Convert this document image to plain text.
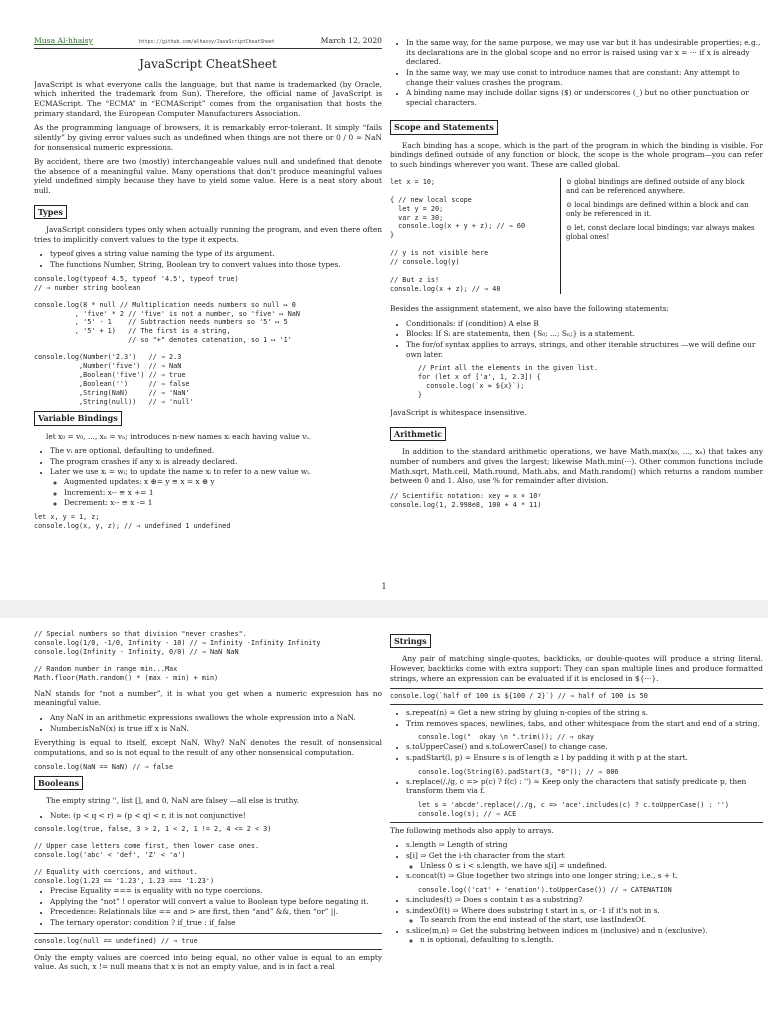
Musa Al-hhaisy	https://github.com/alhassy/JavaScriptCheatSheet	March 12, 2020
JavaScript CheatSheet

JavaScript is what everyone calls the language, but that name is trademarked (by Oracle, which inherited the trademark from Sun). Therefore, the official name of JavaScript is ECMAScript. The “ECMA” in “ECMAScript” comes from the organisation that hosts the primary standard, the European Computer Manufacturers Association.

As the programming language of browsers, it is remarkably error-tolerant. It simply “fails silently” by giving error values such as undefined when things are not there or 0 / 0 ≈ NaN for nonsensical numeric expressions.

By accident, there are two (mostly) interchangeable values null and undefined that denote the absence of a meaningful value. Many operations that don't produce meaningful values yield undefined simply because they have to yield some value. Here is a neat story about null.

Types

JavaScript considers types only when actually running the program, and even there often tries to implicitly convert values to the type it expects.

• typeof gives a string value naming the type of its argument.
• The functions Number, String, Boolean try to convert values into those types.
console.log(typeof 4.5, typeof '4.5', typeof true)
// ⇒ number string boolean
console.log(8 * null // Multiplication needs numbers so null ↦ 0
, 'five' * 2 // 'five' is not a number, so 'five' ↦ NaN
, '5' - 1    // Subtraction needs numbers so '5' ↦ 5
, '5' + 1)   // The first is a string,
// so "+" denotes catenation, so 1 ↦ '1'
console.log(Number('2.3')   // ⇒ 2.3
,Number('five')  // ⇒ NaN
,Boolean('five') // ⇒ true
,Boolean('')     // ⇒ false
,String(NaN)     // ⇒ 'NaN'
,String(null))   // ⇒ 'null'
Variable Bindings

let x₀ = v₀, ..., xₙ = vₙ; introduces n-new names xᵢ each having value vᵢ.

• The vᵢ are optional, defaulting to undefined.
• The program crashes if any xᵢ is already declared.
• Later we use xᵢ = wᵢ; to update the name xᵢ to refer to a new value wᵢ.
◦ Augmented updates: x ⊕= y ≡ x = x ⊕ y
◦ Increment: x-- ≡ x += 1
◦ Decrement: x-- ≡ x -= 1
let x, y = 1, z;
console.log(x, y, z); // ⇒ undefined 1 undefined
• In the same way, for the same purpose, we may use var but it has undesirable properties; e.g., its declarations are in the global scope and no error is raised using var x = ··· if x is already declared.
• In the same way, we may use const to introduce names that are constant: Any attempt to change their values crashes the program.
• A binding name may include dollar signs ($) or underscores (_) but no other punctuation or special characters.
Scope and Statements

Each binding has a scope, which is the part of the program in which the binding is visible. For bindings defined outside of any function or block, the scope is the whole program—you can refer to such bindings wherever you want. These are called global.

let x = 10;

{ // new local scope
let y = 20;
var z = 30;
console.log(x + y + z); // ⇒ 60
}

// y is not visible here
// console.log(y)

// But z is!
console.log(x + z); // ⇒ 40

⊙ global bindings are defined outside of any block and can be referenced anywhere.

⊙ local bindings are defined within a block and can only be referenced in it.

⊙ let, const declare local bindings; var always makes global ones!

Besides the assignment statement, we also have the following statements:

• Conditionals: if (condition) A else B
• Blocks: If Sᵢ are statements, then {S₀; ...; Sₙ;} is a statement.
• The for/of syntax applies to arrays, strings, and other iterable structures —we will define our own later.
// Print all the elements in the given list.
for (let x of ['a', 1, 2.3]) {
console.log(`x ≈ ${x}`);
}

JavaScript is whitespace insensitive.

Arithmetic

In addition to the standard arithmetic operations, we have Math.max(x₀, ..., xₙ) that takes any number of numbers and gives the largest; likewise Math.min(···). Other common functions include Math.sqrt, Math.ceil, Math.round, Math.abs, and Math.random() which returns a random number between 0 and 1. Also, use % for remainder after division.

// Scientific notation: xey ≈ x × 10ʸ
console.log(1, 2.998e8, 100 + 4 * 11)
1
// Special numbers so that division "never crashes".
console.log(1/0, -1/0, Infinity - 10) // ⇒ Infinity -Infinity Infinity
console.log(Infinity - Infinity, 0/0) // ⇒ NaN NaN
// Random number in range min...Max
Math.floor(Math.random() * (max - min) + min)

NaN stands for “not a number”, it is what you get when a numeric expression has no meaningful value.

• Any NaN in an arithmetic expressions swallows the whole expression into a NaN.
• Number.isNaN(x) is true iff x is NaN.

Everything is equal to itself, except NaN. Why? NaN denotes the result of nonsensical computations, and so is not equal to the result of any other nonsensical computation.

console.log(NaN == NaN) // ⇒ false
Booleans

The empty string '', list [], and 0, NaN are falsey —all else is truthy.

• Note: (p < q < r) ≈ (p < q) < r, it is not conjunctive!
console.log(true, false, 3 > 2, 1 < 2, 1 != 2, 4 <= 2 < 3)
// Upper case letters come first, then lower case ones.
console.log('abc' < 'def', 'Z' < 'a')
// Equality with coercions, and without.
console.log(1.23 == '1.23', 1.23 === '1.23')
• Precise Equality === is equality with no type coercions.
• Applying the “not” ! operator will convert a value to Boolean type before negating it.
• Precedence: Relationals like == and > are first, then “and” &&, then “or” ||.
• The ternary operator: condition ? if_true : if_false
console.log(null == undefined) // ⇒ true

Only the empty values are coerced into being equal, no other value is equal to an empty value. As such, x != null means that x is not an empty value, and is in fact a real

Strings

Any pair of matching single-quotes, backticks, or double-quotes will produce a string literal. However, backticks come with extra support: They can span multiple lines and produce formatted strings, where an expression can be evaluated if it is enclosed in ${···}.

console.log(`half of 100 is ${100 / 2}`) // ⇒ half of 100 is 50
• s.repeat(n) ≈ Get a new string by gluing n-copies of the string s.
• Trim removes spaces, newlines, tabs, and other whitespace from the start and end of a string.
console.log("  okay \n ".trim()); // ⇒ okay
• s.toUpperCase() and s.toLowerCase() to change case.
• s.padStart(l, p) ≈ Ensure s is of length ≥ l by padding it with p at the start.
console.log(String(6).padStart(3, "0")); // ⇒ 006
• s.replace(/./g, c => p(c) ? f(c) : '') ≈ Keep only the characters that satisfy predicate p, then transform them via f.
let s = 'abcde'.replace(/./g, c => 'ace'.includes(c) ? c.toUpperCase() : '')
console.log(s); // ⇒ ACE

The following methods also apply to arrays.

• s.length ⇒ Length of string
• s[i] ⇒ Get the i-th character from the start
◦ Unless 0 ≤ i < s.length, we have s[i] = undefined.
• s.concat(t) ⇒ Glue together two strings into one longer string; i.e., s + t.
console.log(('cat' + 'enation').toUpperCase()) // ⇒ CATENATION
• s.includes(t) ⇒ Does s contain t as a substring?
• s.indexOf(t) ⇒ Where does substring t start in s, or -1 if it's not in s.
◦ To search from the end instead of the start, use lastIndexOf.
• s.slice(m,n) ⇒ Get the substring between indices m (inclusive) and n (exclusive).
◦ n is optional, defaulting to s.length.
